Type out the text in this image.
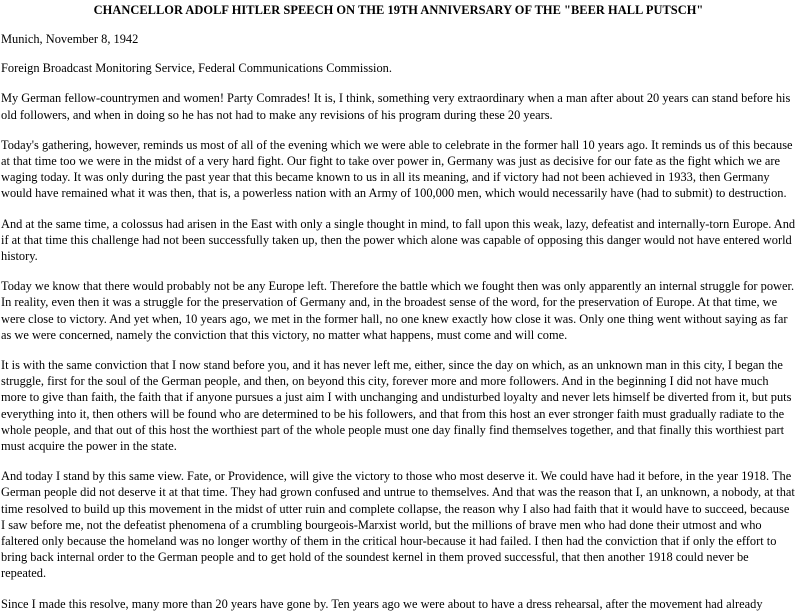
CHANCELLOR ADOLF HITLER SPEECH ON THE 19TH ANNIVERSARY OF THE "BEER HALL PUTSCH"

Munich, November 8, 1942

Foreign Broadcast Monitoring Service, Federal Communications Commission.

My German fellow-countrymen and women! Party Comrades! It is, I think, something very extraordinary when a man after about 20 years can stand before his old followers, and when in doing so he has not had to make any revisions of his program during these 20 years.

Today's gathering, however, reminds us most of all of the evening which we were able to celebrate in the former hall 10 years ago. It reminds us of this because at that time too we were in the midst of a very hard fight. Our fight to take over power in, Germany was just as decisive for our fate as the fight which we are waging today. It was only during the past year that this became known to us in all its meaning, and if victory had not been achieved in 1933, then Germany would have remained what it was then, that is, a powerless nation with an Army of 100,000 men, which would necessarily have (had to submit) to destruction.

And at the same time, a colossus had arisen in the East with only a single thought in mind, to fall upon this weak, lazy, defeatist and internally-torn Europe. And if at that time this challenge had not been successfully taken up, then the power which alone was capable of opposing this danger would not have entered world history.

Today we know that there would probably not be any Europe left. Therefore the battle which we fought then was only apparently an internal struggle for power. In reality, even then it was a struggle for the preservation of Germany and, in the broadest sense of the word, for the preservation of Europe. At that time, we were close to victory. And yet when, 10 years ago, we met in the former hall, no one knew exactly how close it was. Only one thing went without saying as far as we were concerned, namely the conviction that this victory, no matter what happens, must come and will come.

It is with the same conviction that I now stand before you, and it has never left me, either, since the day on which, as an unknown man in this city, I began the struggle, first for the soul of the German people, and then, on beyond this city, forever more and more followers. And in the beginning I did not have much more to give than faith, the faith that if anyone pursues a just aim I with unchanging and undisturbed loyalty and never lets himself be diverted from it, but puts everything into it, then others will be found who are determined to be his followers, and that from this host an ever stronger faith must gradually radiate to the whole people, and that out of this host the worthiest part of the whole people must one day finally find themselves together, and that finally this worthiest part must acquire the power in the state.

And today I stand by this same view. Fate, or Providence, will give the victory to those who most deserve it. We could have had it before, in the year 1918. The German people did not deserve it at that time. They had grown confused and untrue to themselves. And that was the reason that I, an unknown, a nobody, at that time resolved to build up this movement in the midst of utter ruin and complete collapse, the reason why I also had faith that it would have to succeed, because I saw before me, not the defeatist phenomena of a crumbling bourgeois-Marxist world, but the millions of brave men who had done their utmost and who faltered only because the homeland was no longer worthy of them in the critical hour-because it had failed. I then had the conviction that if only the effort to bring back internal order to the German people and to get hold of the soundest kernel in them proved successful, that then another 1918 could never be repeated.

Since I made this resolve, many more than 20 years have gone by. Ten years ago we were about to have a dress rehearsal, after the movement had already
